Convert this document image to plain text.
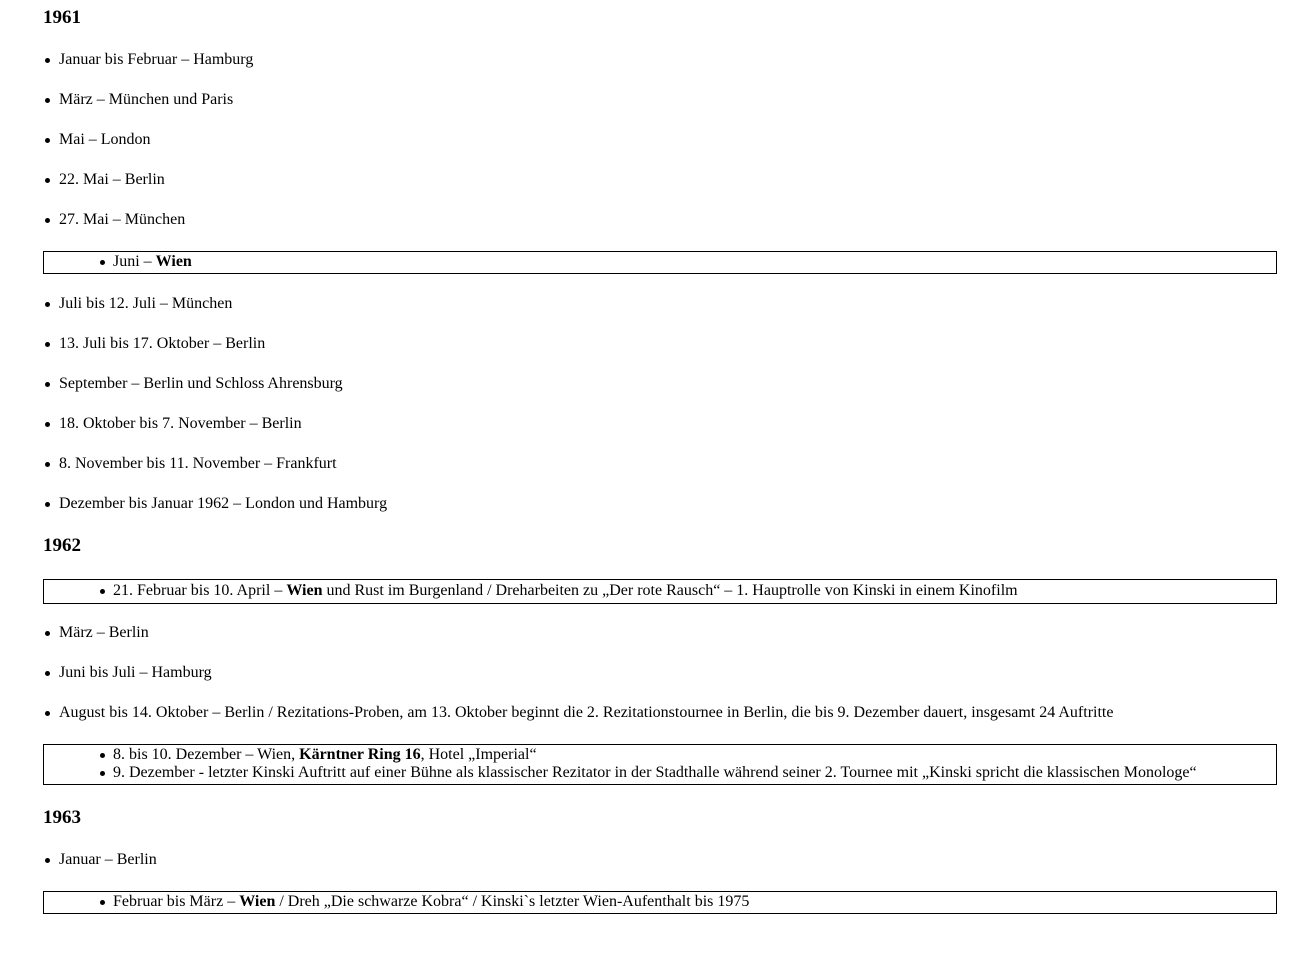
1961
Januar bis Februar – Hamburg
März – München und Paris
Mai – London
22. Mai – Berlin
27. Mai – München
Juni – Wien
Juli bis 12. Juli – München
13. Juli bis 17. Oktober – Berlin
September – Berlin und Schloss Ahrensburg
18. Oktober bis 7. November – Berlin
8. November bis 11. November – Frankfurt
Dezember bis Januar 1962 – London und Hamburg
1962
21. Februar bis 10. April – Wien und Rust im Burgenland / Dreharbeiten zu „Der rote Rausch“ – 1. Hauptrolle von Kinski in einem Kinofilm
März – Berlin
Juni bis Juli – Hamburg
August bis 14. Oktober – Berlin / Rezitations-Proben, am 13. Oktober beginnt die 2. Rezitationstournee in Berlin, die bis 9. Dezember dauert, insgesamt 24 Auftritte
8. bis 10. Dezember – Wien, Kärntner Ring 16, Hotel „Imperial“
9. Dezember - letzter Kinski Auftritt auf einer Bühne als klassischer Rezitator in der Stadthalle während seiner 2. Tournee mit „Kinski spricht die klassischen Monologe“
1963
Januar – Berlin
Februar bis März – Wien / Dreh „Die schwarze Kobra“ / Kinski`s letzter Wien-Aufenthalt bis 1975
